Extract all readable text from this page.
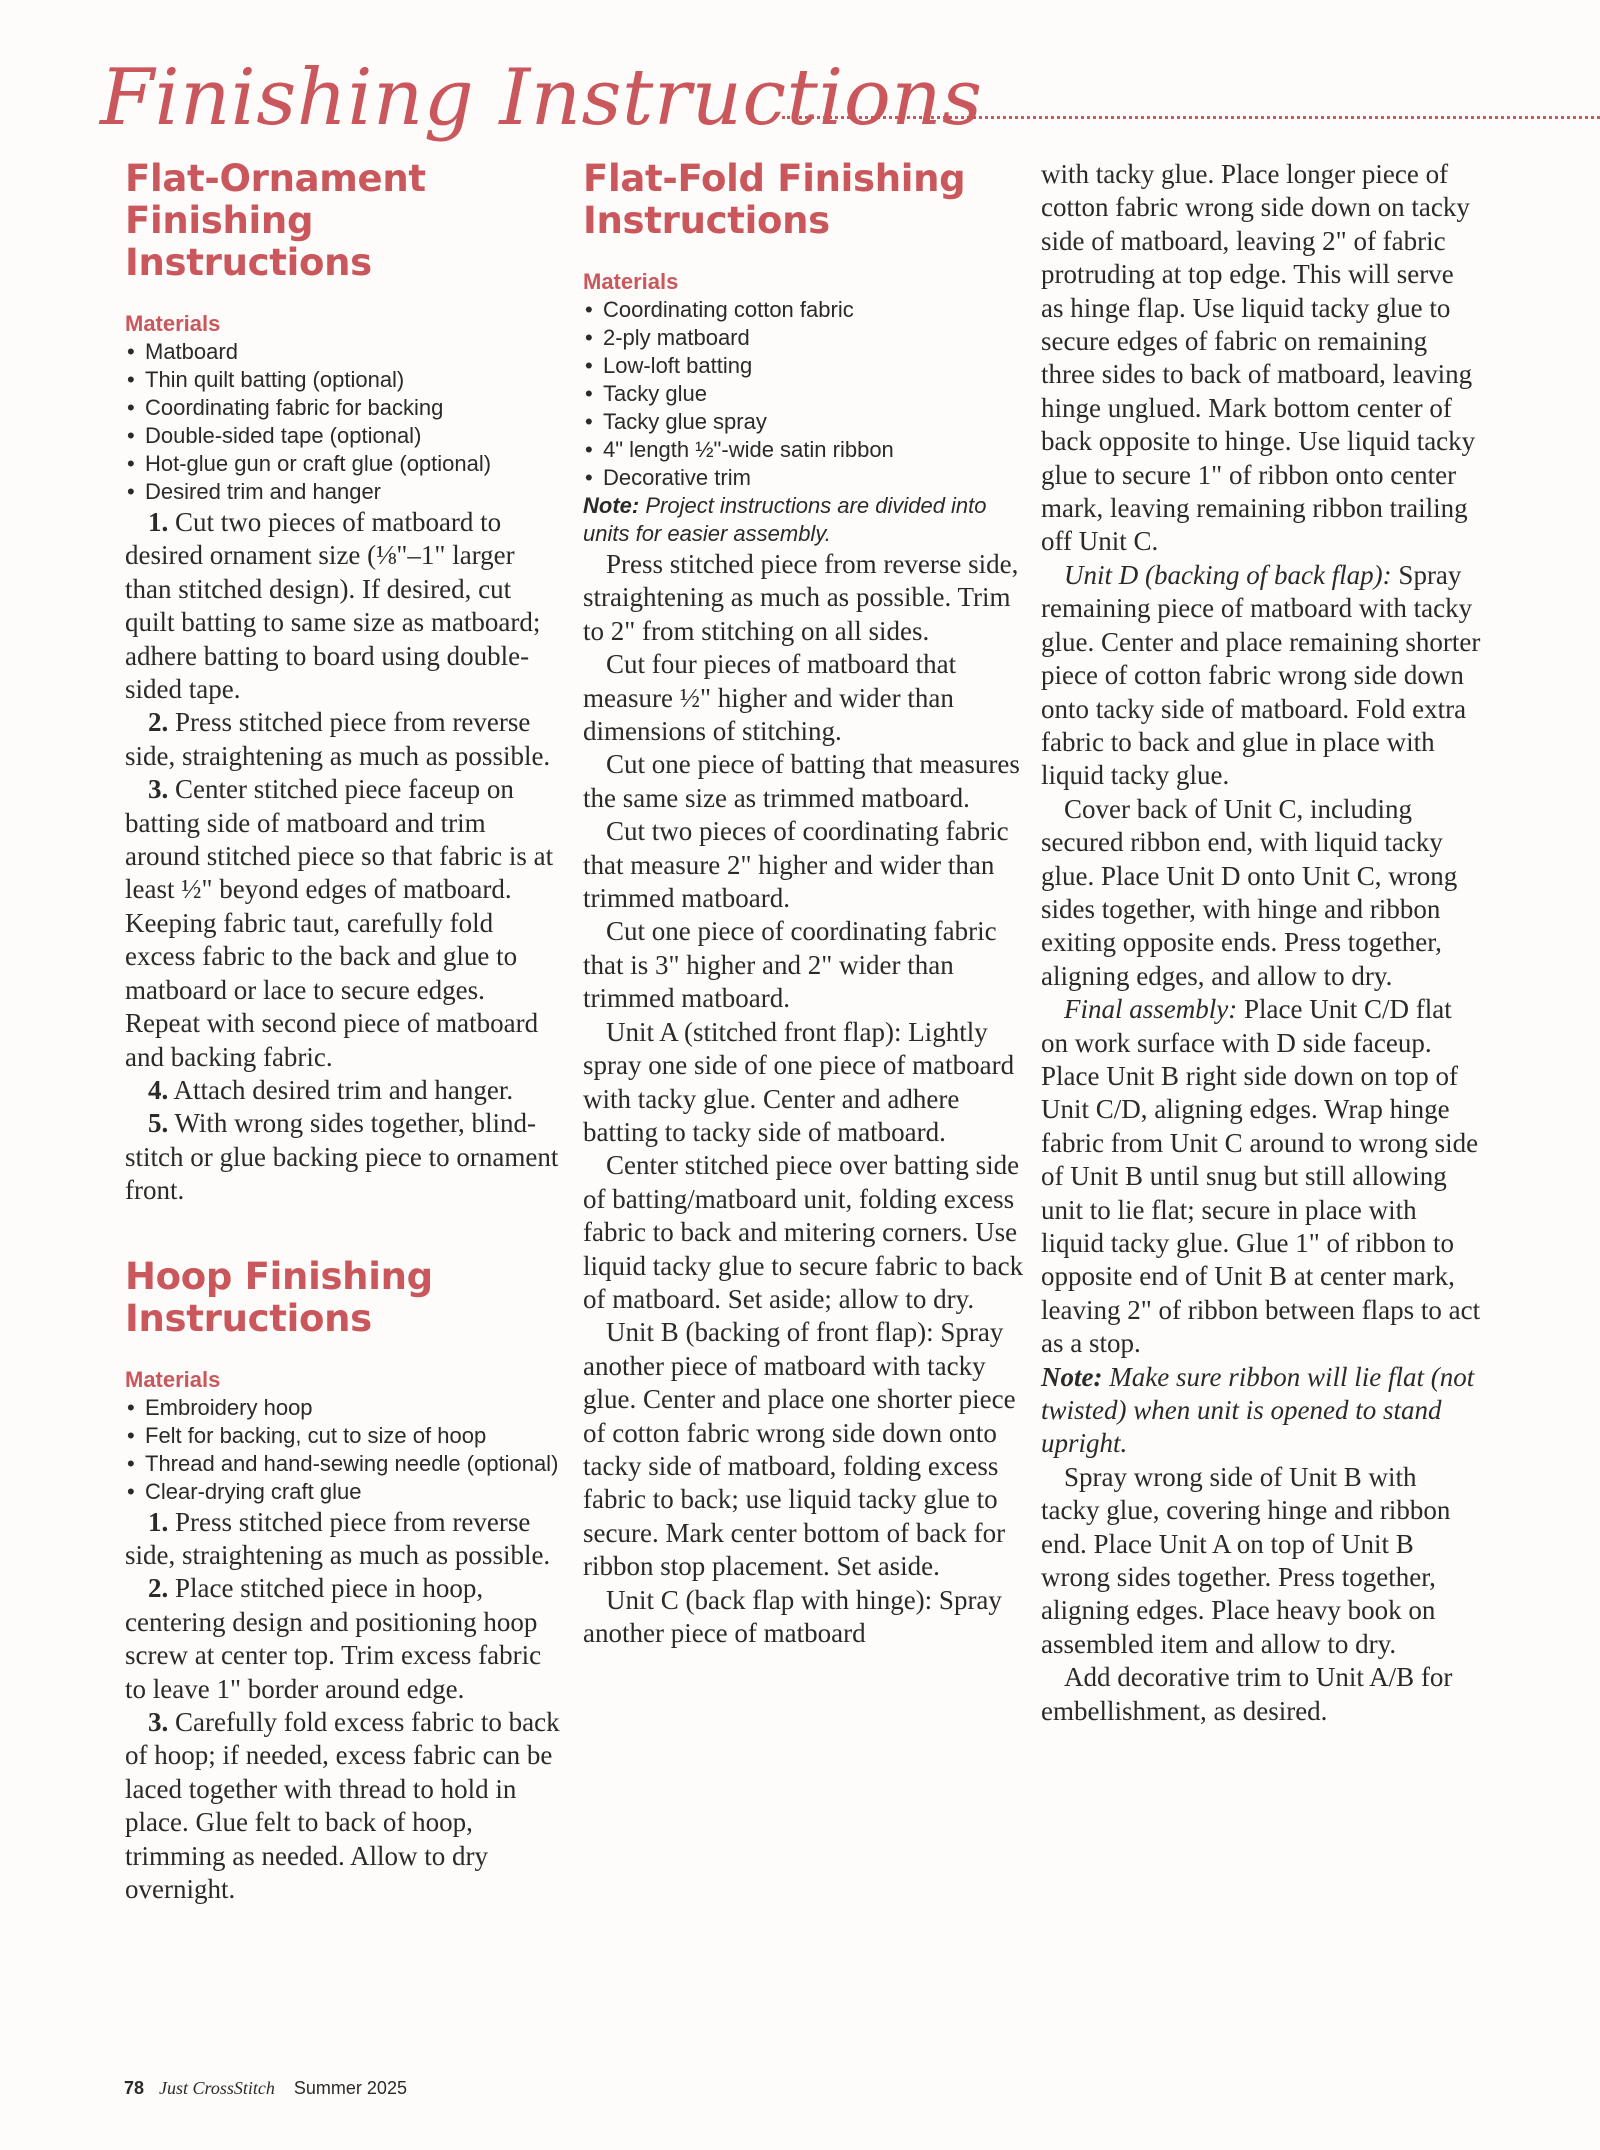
Finishing Instructions
Flat-Ornament Finishing Instructions
Materials
• Matboard
• Thin quilt batting (optional)
• Coordinating fabric for backing
• Double-sided tape (optional)
• Hot-glue gun or craft glue (optional)
• Desired trim and hanger

1. Cut two pieces of matboard to desired ornament size (⅛"–1" larger than stitched design). If desired, cut quilt batting to same size as matboard; adhere batting to board using double-sided tape.

2. Press stitched piece from reverse side, straightening as much as possible.

3. Center stitched piece faceup on batting side of matboard and trim around stitched piece so that fabric is at least ½" beyond edges of matboard. Keeping fabric taut, carefully fold excess fabric to the back and glue to matboard or lace to secure edges. Repeat with second piece of matboard and backing fabric.

4. Attach desired trim and hanger.

5. With wrong sides together, blind-stitch or glue backing piece to ornament front.

Hoop Finishing Instructions
Materials
• Embroidery hoop
• Felt for backing, cut to size of hoop
• Thread and hand-sewing needle (optional)
• Clear-drying craft glue

1. Press stitched piece from reverse side, straightening as much as possible.

2. Place stitched piece in hoop, centering design and positioning hoop screw at center top. Trim excess fabric to leave 1" border around edge.

3. Carefully fold excess fabric to back of hoop; if needed, excess fabric can be laced together with thread to hold in place. Glue felt to back of hoop, trimming as needed. Allow to dry overnight.

Flat-Fold Finishing Instructions
Materials
• Coordinating cotton fabric
• 2-ply matboard
• Low-loft batting
• Tacky glue
• Tacky glue spray
• 4" length ½"-wide satin ribbon
• Decorative trim

Note: Project instructions are divided into units for easier assembly.

Press stitched piece from reverse side, straightening as much as possible. Trim to 2" from stitching on all sides.

Cut four pieces of matboard that measure ½" higher and wider than dimensions of stitching.

Cut one piece of batting that measures the same size as trimmed matboard.

Cut two pieces of coordinating fabric that measure 2" higher and wider than trimmed matboard.

Cut one piece of coordinating fabric that is 3" higher and 2" wider than trimmed matboard.

Unit A (stitched front flap): Lightly spray one side of one piece of matboard with tacky glue. Center and adhere batting to tacky side of matboard.

Center stitched piece over batting side of batting/matboard unit, folding excess fabric to back and mitering corners. Use liquid tacky glue to secure fabric to back of matboard. Set aside; allow to dry.

Unit B (backing of front flap): Spray another piece of matboard with tacky glue. Center and place one shorter piece of cotton fabric wrong side down onto tacky side of matboard, folding excess fabric to back; use liquid tacky glue to secure. Mark center bottom of back for ribbon stop placement. Set aside.

Unit C (back flap with hinge): Spray another piece of matboard

with tacky glue. Place longer piece of cotton fabric wrong side down on tacky side of matboard, leaving 2" of fabric protruding at top edge. This will serve as hinge flap. Use liquid tacky glue to secure edges of fabric on remaining three sides to back of matboard, leaving hinge unglued. Mark bottom center of back opposite to hinge. Use liquid tacky glue to secure 1" of ribbon onto center mark, leaving remaining ribbon trailing off Unit C.

Unit D (backing of back flap): Spray remaining piece of matboard with tacky glue. Center and place remaining shorter piece of cotton fabric wrong side down onto tacky side of matboard. Fold extra fabric to back and glue in place with liquid tacky glue.

Cover back of Unit C, including secured ribbon end, with liquid tacky glue. Place Unit D onto Unit C, wrong sides together, with hinge and ribbon exiting opposite ends. Press together, aligning edges, and allow to dry.

Final assembly: Place Unit C/D flat on work surface with D side faceup. Place Unit B right side down on top of Unit C/D, aligning edges. Wrap hinge fabric from Unit C around to wrong side of Unit B until snug but still allowing unit to lie flat; secure in place with liquid tacky glue. Glue 1" of ribbon to opposite end of Unit B at center mark, leaving 2" of ribbon between flaps to act as a stop.

Note: Make sure ribbon will lie flat (not twisted) when unit is opened to stand upright.

Spray wrong side of Unit B with tacky glue, covering hinge and ribbon end. Place Unit A on top of Unit B wrong sides together. Press together, aligning edges. Place heavy book on assembled item and allow to dry.

Add decorative trim to Unit A/B for embellishment, as desired.

78 Just CrossStitch Summer 2025
